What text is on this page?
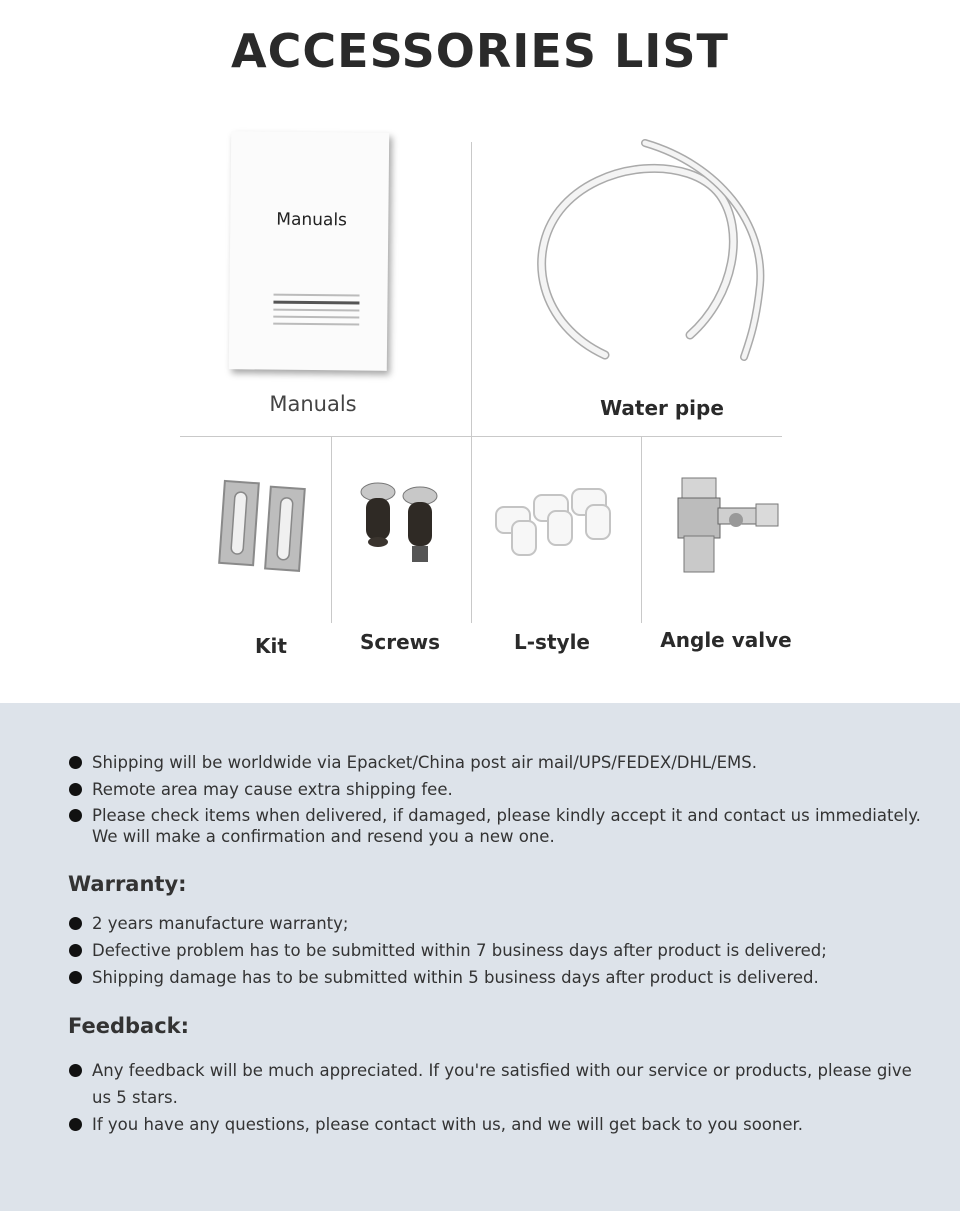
ACCESSORIES LIST
Manuals
Manuals	Water pipe
Kit	Screws	L-style	Angle valve
Shipping will be worldwide via Epacket/China post air mail/UPS/FEDEX/DHL/EMS.
Remote area may cause extra shipping fee.
Please check items when delivered, if damaged, please kindly accept it and contact us immediately.
We will make a confirmation and resend you a new one.
Warranty:
2 years manufacture warranty;
Defective problem has to be submitted within 7 business days after product is delivered;
Shipping damage has to be submitted within 5 business days after product is delivered.
Feedback:
Any feedback will be much appreciated. If you're satisfied with our service or products, please give
us 5 stars.
If you have any questions, please contact with us, and we will get back to you sooner.
